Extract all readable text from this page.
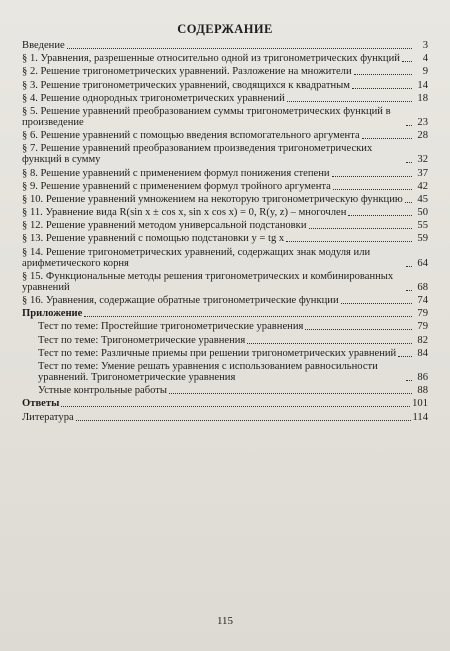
СОДЕРЖАНИЕ
Введение	3
§ 1. Уравнения, разрешенные относительно одной из тригонометрических функций	4
§ 2. Решение тригонометрических уравнений. Разложение на множители	9
§ 3. Решение тригонометрических уравнений, сводящихся к квадратным	14
§ 4. Решение однородных тригонометрических уравнений	18
§ 5. Решение уравнений преобразованием суммы тригонометрических функций в произведение	23
§ 6. Решение уравнений с помощью введения вспомогательного аргумента	28
§ 7. Решение уравнений преобразованием произведения тригонометрических функций в сумму	32
§ 8. Решение уравнений с применением формул понижения степени	37
§ 9. Решение уравнений с применением формул тройного аргумента	42
§ 10. Решение уравнений умножением на некоторую тригонометрическую функцию	45
§ 11. Уравнение вида R(sin x ± cos x, sin x cos x) = 0, R(y, z) – многочлен	50
§ 12. Решение уравнений методом универсальной подстановки	55
§ 13. Решение уравнений с помощью подстановки y = tg x	59
§ 14. Решение тригонометрических уравнений, содержащих знак модуля или арифметического корня	64
§ 15. Функциональные методы решения тригонометрических и комбинированных уравнений	68
§ 16. Уравнения, содержащие обратные тригонометрические функции	74
Приложение	79
Тест по теме: Простейшие тригонометрические уравнения	79
Тест по теме: Тригонометрические уравнения	82
Тест по теме: Различные приемы при решении тригонометрических уравнений	84
Тест по теме: Умение решать уравнения с использованием равносильности уравнений. Тригонометрические уравнения	86
Устные контрольные работы	88
Ответы	101
Литература	114
115
